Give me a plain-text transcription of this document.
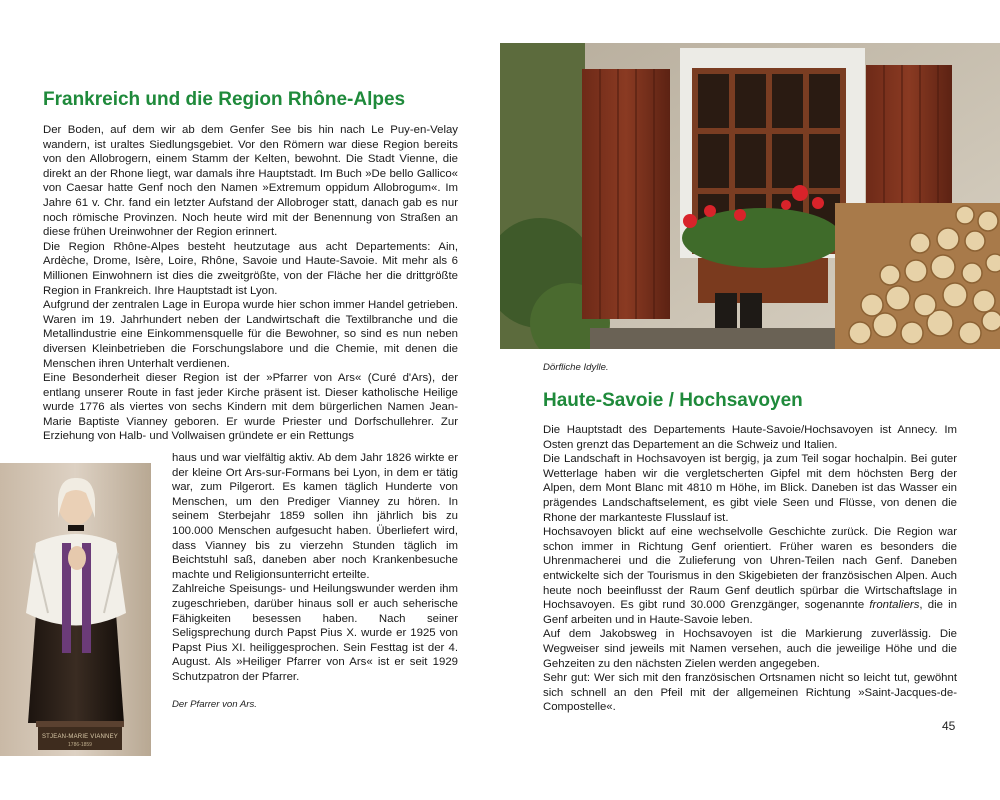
Frankreich und die Region Rhône-Alpes

Der Boden, auf dem wir ab dem Genfer See bis hin nach Le Puy-en-Velay wandern, ist uraltes Siedlungsgebiet. Vor den Römern war diese Region bereits von den Allobrogern, einem Stamm der Kelten, bewohnt. Die Stadt Vienne, die direkt an der Rhone liegt, war damals ihre Hauptstadt. Im Buch »De bello Gallico« von Caesar hatte Genf noch den Namen »Extremum oppidum Allobrogum«. Im Jahre 61 v. Chr. fand ein letzter Aufstand der Allobroger statt, danach gab es nur noch römische Provinzen. Noch heute wird mit der Benennung von Straßen an diese frühen Ureinwohner der Region erinnert.

Die Region Rhône-Alpes besteht heutzutage aus acht Departements: Ain, Ardèche, Drome, Isère, Loire, Rhône, Savoie und Haute-Savoie. Mit mehr als 6 Millionen Einwohnern ist dies die zweitgrößte, von der Fläche her die drittgrößte Region in Frankreich. Ihre Hauptstadt ist Lyon.

Aufgrund der zentralen Lage in Europa wurde hier schon immer Handel getrieben. Waren im 19. Jahrhundert neben der Landwirtschaft die Textilbranche und die Metallindustrie eine Einkommensquelle für die Bewohner, so sind es nun neben diversen Kleinbetrieben die Forschungslabore und die Chemie, mit denen die Menschen ihren Unterhalt verdienen.

Eine Besonderheit dieser Region ist der »Pfarrer von Ars« (Curé d'Ars), der entlang unserer Route in fast jeder Kirche präsent ist. Dieser katholische Heilige wurde 1776 als viertes von sechs Kindern mit dem bürgerlichen Namen Jean-Marie Baptiste Vianney geboren. Er wurde Priester und Dorfschullehrer. Zur Erziehung von Halb- und Vollwaisen gründete er ein Rettungs

haus und war vielfältig aktiv. Ab dem Jahr 1826 wirkte er der kleine Ort Ars-sur-Formans bei Lyon, in dem er tätig war, zum Pilgerort. Es kamen täglich Hunderte von Menschen, um den Prediger Vianney zu hören. In seinem Sterbejahr 1859 sollen ihn jährlich bis zu 100.000 Menschen aufgesucht haben. Überliefert wird, dass Vianney bis zu vierzehn Stunden täglich im Beichtstuhl saß, daneben aber noch Krankenbesuche machte und Religionsunterricht erteilte.

Zahlreiche Speisungs- und Heilungswunder werden ihm zugeschrieben, darüber hinaus soll er auch seherische Fähigkeiten besessen haben. Nach seiner Seligsprechung durch Papst Pius X. wurde er 1925 von Papst Pius XI. heiliggesprochen. Sein Festtag ist der 4. August. Als »Heiliger Pfarrer von Ars« ist er seit 1929 Schutzpatron der Pfarrer.

Der Pfarrer von Ars.
STJEAN-MARIE VIANNEY
1786-1859
Dörfliche Idylle.
Haute-Savoie / Hochsavoyen

Die Hauptstadt des Departements Haute-Savoie/Hochsavoyen ist Annecy. Im Osten grenzt das Departement an die Schweiz und Italien.

Die Landschaft in Hochsavoyen ist bergig, ja zum Teil sogar hochalpin. Bei guter Wetterlage haben wir die vergletscherten Gipfel mit dem höchsten Berg der Alpen, dem Mont Blanc mit 4810 m Höhe, im Blick. Daneben ist das Wasser ein prägendes Landschaftselement, es gibt viele Seen und Flüsse, von denen die Rhone der markanteste Flusslauf ist.

Hochsavoyen blickt auf eine wechselvolle Geschichte zurück. Die Region war schon immer in Richtung Genf orientiert. Früher waren es besonders die Uhrenmacherei und die Zulieferung von Uhren-Teilen nach Genf. Daneben entwickelte sich der Tourismus in den Skigebieten der französischen Alpen. Auch heute noch beeinflusst der Raum Genf deutlich spürbar die Wirtschaftslage in Hochsavoyen. Es gibt rund 30.000 Grenzgänger, sogenannte frontaliers, die in Genf arbeiten und in Haute-Savoie leben.

Auf dem Jakobsweg in Hochsavoyen ist die Markierung zuverlässig. Die Wegweiser sind jeweils mit Namen versehen, auch die jeweilige Höhe und die Gehzeiten zu den nächsten Zielen werden angegeben.

Sehr gut: Wer sich mit den französischen Ortsnamen nicht so leicht tut, gewöhnt sich schnell an den Pfeil mit der allgemeinen Richtung »Saint-Jacques-de-Compostelle«.

45
